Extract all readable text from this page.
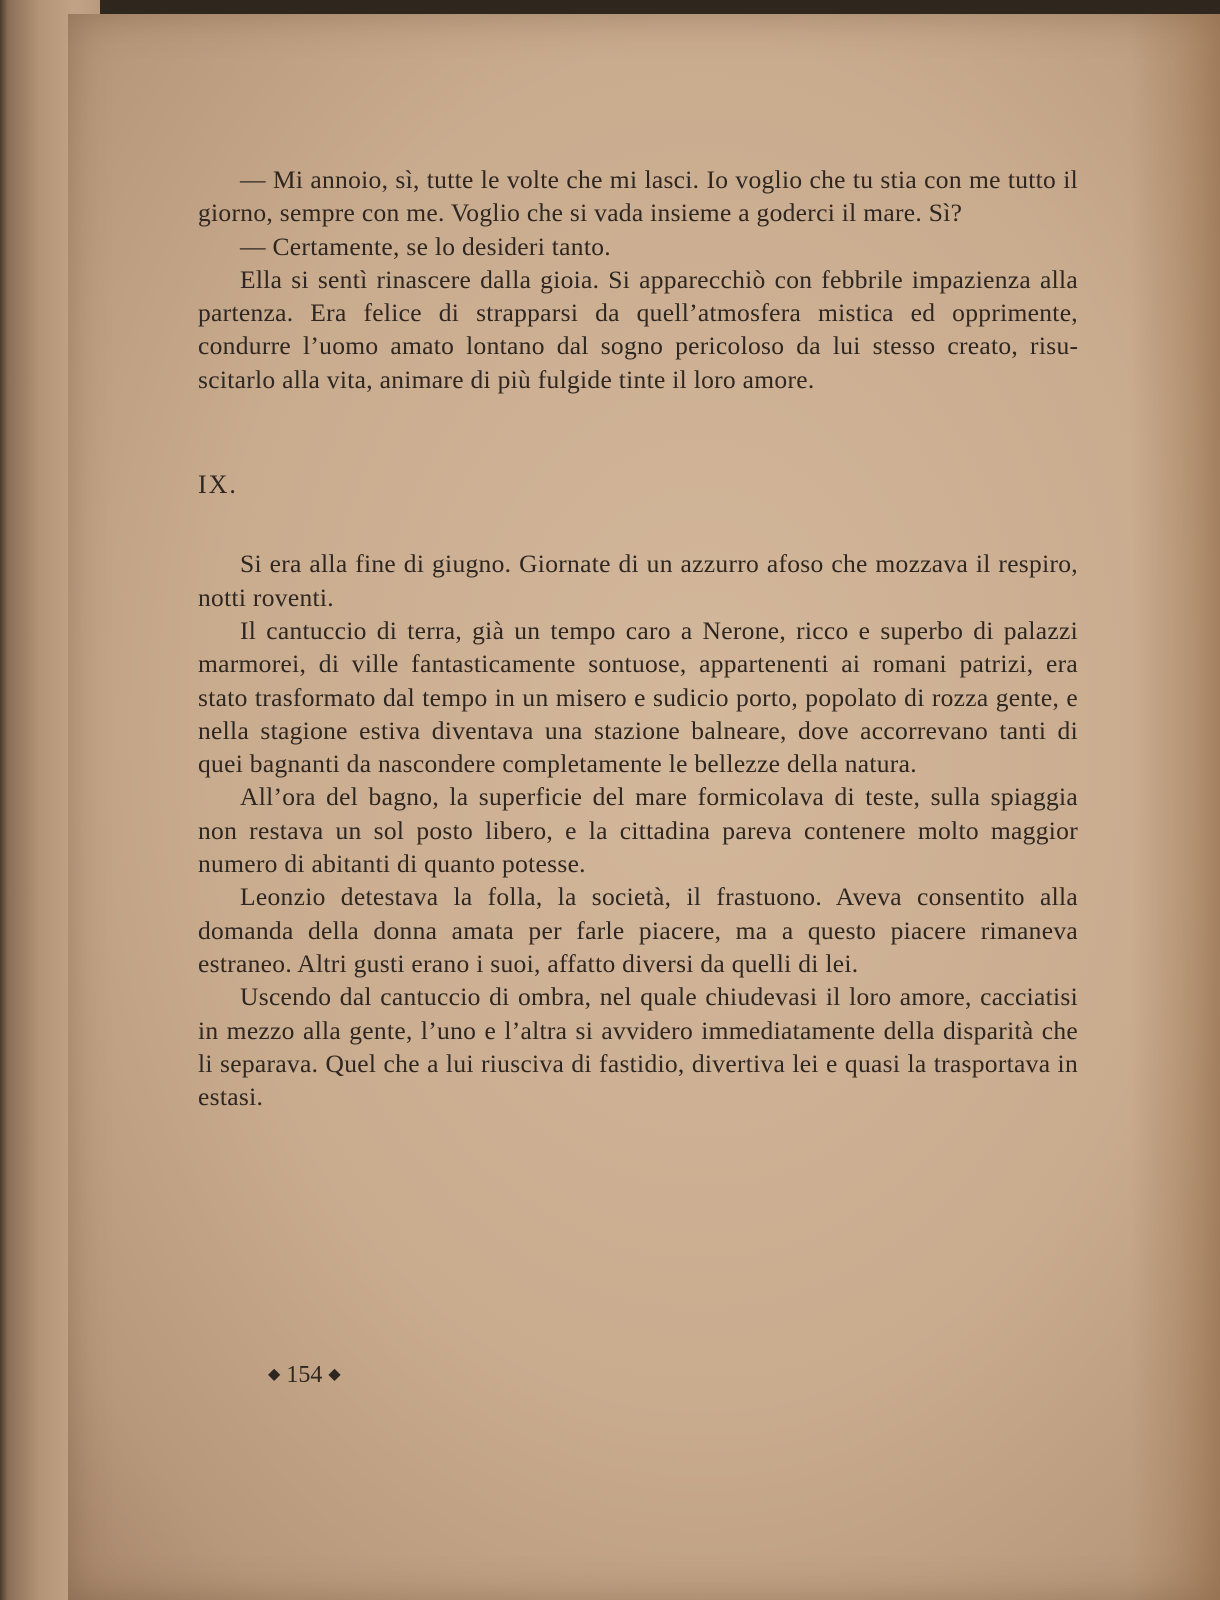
— Mi annoio, sì, tutte le volte che mi lasci. Io voglio che tu stia con me tutto il giorno, sempre con me. Voglio che si vada insieme a goderci il mare. Sì?

— Certamente, se lo desideri tanto.

Ella si sentì rinascere dalla gioia. Si apparecchiò con febbrile impazienza alla partenza. Era felice di strapparsi da quell’atmosfera mistica ed opprimente, condurre l’uomo amato lontano dal sogno pericoloso da lui stesso creato, risuscitarlo alla vita, animare di più fulgide tinte il loro amore.

IX.

Si era alla fine di giugno. Giornate di un azzurro afoso che mozzava il respiro, notti roventi.

Il cantuccio di terra, già un tempo caro a Nerone, ricco e superbo di palazzi marmorei, di ville fantasticamente sontuose, appartenenti ai romani patrizi, era stato trasformato dal tempo in un misero e sudicio porto, popolato di rozza gente, e nella stagione estiva diventava una stazione balneare, dove accorrevano tanti di quei bagnanti da nascondere completamente le bellezze della natura.

All’ora del bagno, la superficie del mare formicolava di teste, sulla spiaggia non restava un sol posto libero, e la cittadina pareva contenere molto maggior numero di abitanti di quanto potesse.

Leonzio detestava la folla, la società, il frastuono. Aveva consentito alla domanda della donna amata per farle piacere, ma a questo piacere rimaneva estraneo. Altri gusti erano i suoi, affatto diversi da quelli di lei.

Uscendo dal cantuccio di ombra, nel quale chiudevasi il loro amore, cacciatisi in mezzo alla gente, l’uno e l’altra si avvidero immediatamente della disparità che li separava. Quel che a lui riusciva di fastidio, divertiva lei e quasi la trasportava in estasi.

◆ 154 ◆
